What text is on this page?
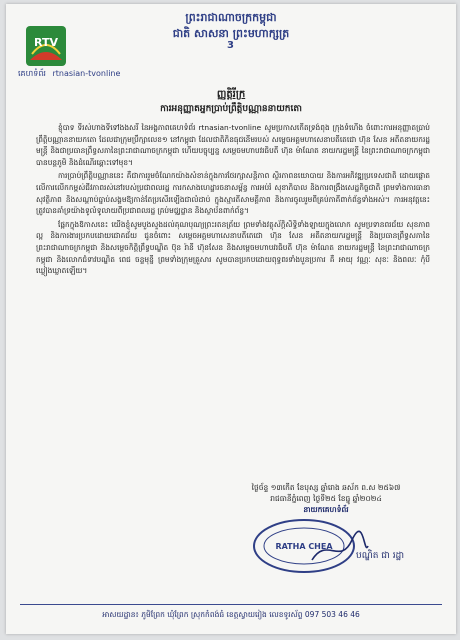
ព្រះរាជាណាចក្រកម្ពុជា
ជាតិ សាសនា ព្រះមហាក្សត្រ
3
RTV
គេហទំព័រ rtnasian-tvonline
ញ្ញត្តិរីក្រ
ការអនុញ្ញាតអ្នកប្រាប់ព្រឹត្តិបណ្ណាននាយកតោ

ខ្ញុំបាទ ទីរស់ហាងទីទៅងងសរី នៃអង្គភាពគេហទំព័រ rtnasian-tvonline សូមប្រកាសកើតទ្រង់ពុង ក្រុងទំហើង ចំពោះការអនុញ្ញាតប្រាប់ព្រឹត្តិបណ្ណាននាយកតោ ដែលជាក្រុមប្រឹក្សាលេខ១ នៅកម្ពុជា ដែលជាតិភិនធុជនើមរបស់ សម្ដេចអគ្គមហាសេនាបតីតេជោ ហ៊ុន សែន អតីតនាយករដ្ឋមន្ត្រី និងជាប្រធានព្រឹទ្ធសភានៃព្រះរាជាណាចក្រកម្ពុជា ហើយបច្ចុប្បន្ន សម្ដេចមហាបវរធិបតី ហ៊ុន ម៉ាណែត នាយករដ្ឋមន្ត្រី នៃព្រះរាជាណាចក្រកម្ពុជា បានបន្តភូមិ និងដំណើរឆ្ពោះទៅមុខ។

ការប្រាប់ព្រឹត្តិបណ្ណាននេះ គឺជាការរួមចំណែកយ៉ាងសំខាន់ក្នុងការថែរក្សាសន្តិភាព ស្ថិរភាពនយោបាយ និងការអភិវឌ្ឍប្រទេសជាតិ ដោយផ្ដោតលើការលើកកម្ពស់ជីវភាពរស់នៅរបស់ប្រជាពលរដ្ឋ ការកសាងហេដ្ឋារចនាសម្ព័ន្ធ ការអប់រំ សុខាភិបាល និងការពង្រឹងសេដ្ឋកិច្ចជាតិ ព្រមទាំងការធានាសុវត្ថិភាព និងសណ្ដាប់ធ្នាប់សង្គមឱ្យកាន់តែប្រសើរឡើងជាលំដាប់ ក្នុងស្មារតីសាមគ្គីភាព និងការចូលរួមពីគ្រប់ភាគីពាក់ព័ន្ធទាំងអស់។ ការអនុវត្តនេះ ត្រូវបានគាំទ្រយ៉ាងទូលំទូលាយពីប្រជាពលរដ្ឋ គ្រប់មជ្ឈដ្ឋាន និងស្ថាប័នពាក់ព័ន្ធ។

ផ្អែកក្នុងឱកាសនេះ យើងខ្ញុំសូមបួងសួងដល់គុណបុណ្យព្រះរតនត្រ័យ ព្រមទាំងវត្ថុស័ក្តិសិទ្ធិទាំងឡាយក្នុងលោក សូមប្រទានពរជ័យ សុខភាពល្អ និងការងារប្រកបដោយជោគជ័យ ជូនចំពោះ សម្ដេចអគ្គមហាសេនាបតីតេជោ ហ៊ុន សែន អតីតនាយករដ្ឋមន្ត្រី និងប្រធានព្រឹទ្ធសភានៃព្រះរាជាណាចក្រកម្ពុជា និងសម្ដេចកិត្តិព្រឹទ្ធបណ្ឌិត ប៊ុន រ៉ានី ហ៊ុនសែន និងសម្ដេចមហាបវរធិបតី ហ៊ុន ម៉ាណែត នាយករដ្ឋមន្ត្រី នៃព្រះរាជាណាចក្រកម្ពុជា និងលោកជំទាវបណ្ឌិត ពេជ ចន្ទមុន្នី ព្រមទាំងក្រុមគ្រួសារ សូមបានប្រកបដោយពុទ្ធពរទាំងបួនប្រការ គឺ អាយុ វណ្ណៈ សុខៈ និងពលៈ កុំបីឃ្លៀងឃ្លាតឡើយ។

ថ្ងៃច័ន្ទ ១៣កើត ខែបុស្ស ឆ្នាំរោង ឆស័ក ព.ស ២៥៦៧
រាជធានីភ្នំពេញ ថ្ងៃទី២៥ ខែធ្នូ ឆ្នាំ២០២៤
នាយកគេហទំព័រ
RATHA CHEA
បណ្ឌិត ជា រដ្ឋា
អាសយដ្ឋាន៖ ភូមិព្រែក ឃុំព្រែក ស្រុកកំពង់ធំ ខេត្តស្វាយរៀង លេខទូរស័ព្ទ 097 503 46 46
